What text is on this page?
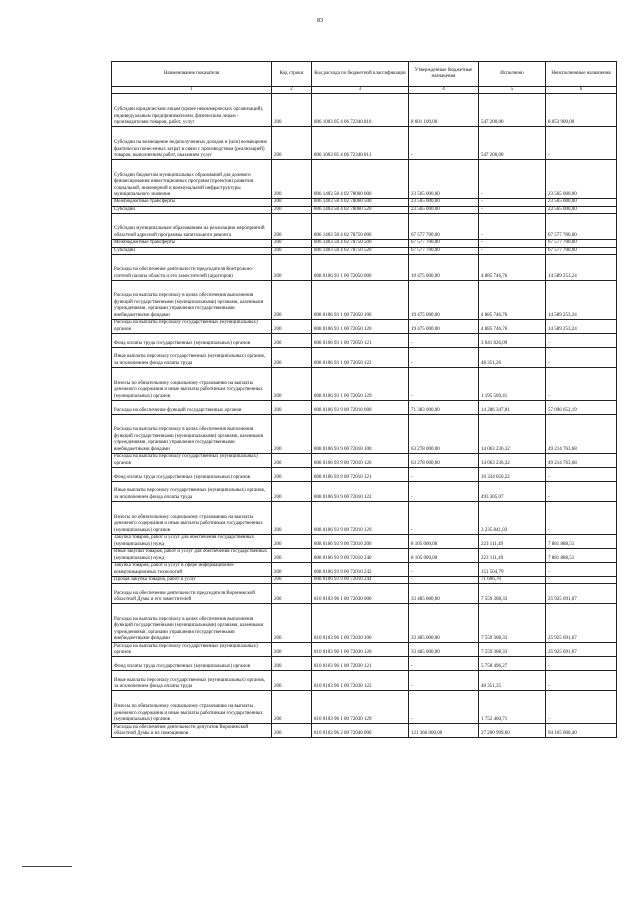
83
Наименование показателя	Код строки	Код расхода по бюджетной классификации	Утвержденные бюджетные назначения	Исполнено	Неисполненные назначения
1	2	3	4	5	6
Субсидии юридическим лицам (кроме некоммерческих организаций), индивидуальным предпринимателям, физическим лицам - производителям товаров, работ, услуг	200	806 1003 05 4 06 72340 810	8 601 100,00	547 200,00	8 053 900,00
Субсидии на возмещение недополученных доходов и (или) возмещение фактически понесенных затрат в связи с производством (реализацией) товаров, выполнением работ, оказанием услуг	200	806 1003 05 4 06 72340 811	-	547 200,00	-
Субсидии бюджетам муниципальных образований для долевого финансирования инвестиционных программ (проектов) развития социальной, инженерной и коммунальной инфраструктуры муниципального значения	200	806 1403 58 4 02 78060 000	23 565 000,00	-	23 565 000,00
Межбюджетные трансферты	200	806 1403 58 4 02 78060 500	23 565 000,00	-	23 565 000,00
Субсидии	200	806 1403 58 4 02 78060 520	23 565 000,00	-	23 565 000,00
Субсидии муниципальным образованиям на реализацию мероприятий областной адресной программы капитального ремонта	200	806 1403 58 4 02 78750 000	67 577 700,00	-	67 577 700,00
Межбюджетные трансферты	200	806 1403 58 4 02 78750 500	67 577 700,00	-	67 577 700,00
Субсидии	200	806 1403 58 4 02 78750 520	67 577 700,00	-	67 577 700,00
Расходы на обеспечение деятельности председателя Контрольно-счетной палаты области и его заместителей (аудиторов)	200	808 0106 93 1 00 72050 000	19 475 000,00	4 885 746,76	14 589 253,24
Расходы на выплаты персоналу в целях обеспечения выполнения функций государственными (муниципальными) органами, казенными учреждениями, органами управления государственными внебюджетными фондами	200	808 0106 93 1 00 72050 100	19 475 000,00	4 885 746,76	14 589 253,24
Расходы на выплаты персоналу государственных (муниципальных) органов	200	808 0106 93 1 00 72050 120	19 475 000,00	4 885 746,76	14 589 253,24
Фонд оплаты труда государственных (муниципальных) органов	200	808 0106 93 1 00 72050 121	-	3 641 826,09	-
Иные выплаты персоналу государственных (муниципальных) органов, за исключением фонда оплаты труда	200	808 0106 93 1 00 72050 122	-	48 351,26	-
Взносы по обязательному социальному страхованию на выплаты денежного содержания и иные выплаты работникам государственных (муниципальных) органов	200	808 0106 93 1 00 72050 129	-	1 195 569,41	-
Расходы на обеспечение функций государственных органов	200	808 0106 93 9 00 72010 000	71 383 000,00	14 286 347,81	57 096 652,19
Расходы на выплаты персоналу в целях обеспечения выполнения функций государственными (муниципальными) органами, казенными учреждениями, органами управления государственными внебюджетными фондами	200	808 0106 93 9 00 72010 100	63 278 000,00	14 063 236,32	49 214 763,68
Расходы на выплаты персоналу государственных (муниципальных) органов	200	808 0106 93 9 00 72010 120	63 278 000,00	14 063 236,32	49 214 763,68
Фонд оплаты труда государственных (муниципальных) органов	200	808 0106 93 9 00 72010 121	-	10 334 050,22	-
Иные выплаты персоналу государственных (муниципальных) органов, за исключением фонда оплаты труда	200	808 0106 93 9 00 72010 122	-	493 305,07	-
Взносы по обязательному социальному страхованию на выплаты денежного содержания и иные выплаты работникам государственных (муниципальных) органов	200	808 0106 93 9 00 72010 129	-	3 235 841,03	-
Закупка товаров, работ и услуг для обеспечения государственных (муниципальных) нужд	200	808 0106 93 9 00 72010 200	8 105 000,00	223 111,49	7 881 888,51
Иные закупки товаров, работ и услуг для обеспечения государственных (муниципальных) нужд	200	808 0106 93 9 00 72010 240	8 105 000,00	223 111,49	7 881 888,51
Закупка товаров, работ и услуг в сфере информационно-коммуникационных технологий	200	808 0106 93 9 00 72010 242	-	151 504,79	-
Прочая закупка товаров, работ и услуг	200	808 0106 93 9 00 72010 244	-	71 606,70	-
Расходы на обеспечение деятельности председателя Воронежской областной Думы и его заместителей	200	810 0103 96 1 00 72030 000	33 485 000,00	7 559 308,33	25 925 691,67
Расходы на выплаты персоналу в целях обеспечения выполнения функций государственными (муниципальными) органами, казенными учреждениями, органами управления государственными внебюджетными фондами	200	810 0103 96 1 00 72030 100	33 485 000,00	7 559 308,33	25 925 691,67
Расходы на выплаты персоналу государственных (муниципальных) органов	200	810 0103 96 1 00 72030 120	33 485 000,00	7 559 308,33	25 925 691,67
Фонд оплаты труда государственных (муниципальных) органов	200	810 0103 96 1 00 72030 121	-	5 758 496,27	-
Иные выплаты персоналу государственных (муниципальных) органов, за исключением фонда оплаты труда	200	810 0103 96 1 00 72030 122	-	48 351,35	-
Взносы по обязательному социальному страхованию на выплаты денежного содержания и иные выплаты работникам государственных (муниципальных) органов	200	810 0103 96 1 00 72030 129	-	1 752 460,71	-
Расходы на обеспечение деятельности депутатов Воронежской областной Думы и их помощников	200	810 0103 96 2 00 72040 000	121 366 000,00	27 200 999,60	94 165 000,40
